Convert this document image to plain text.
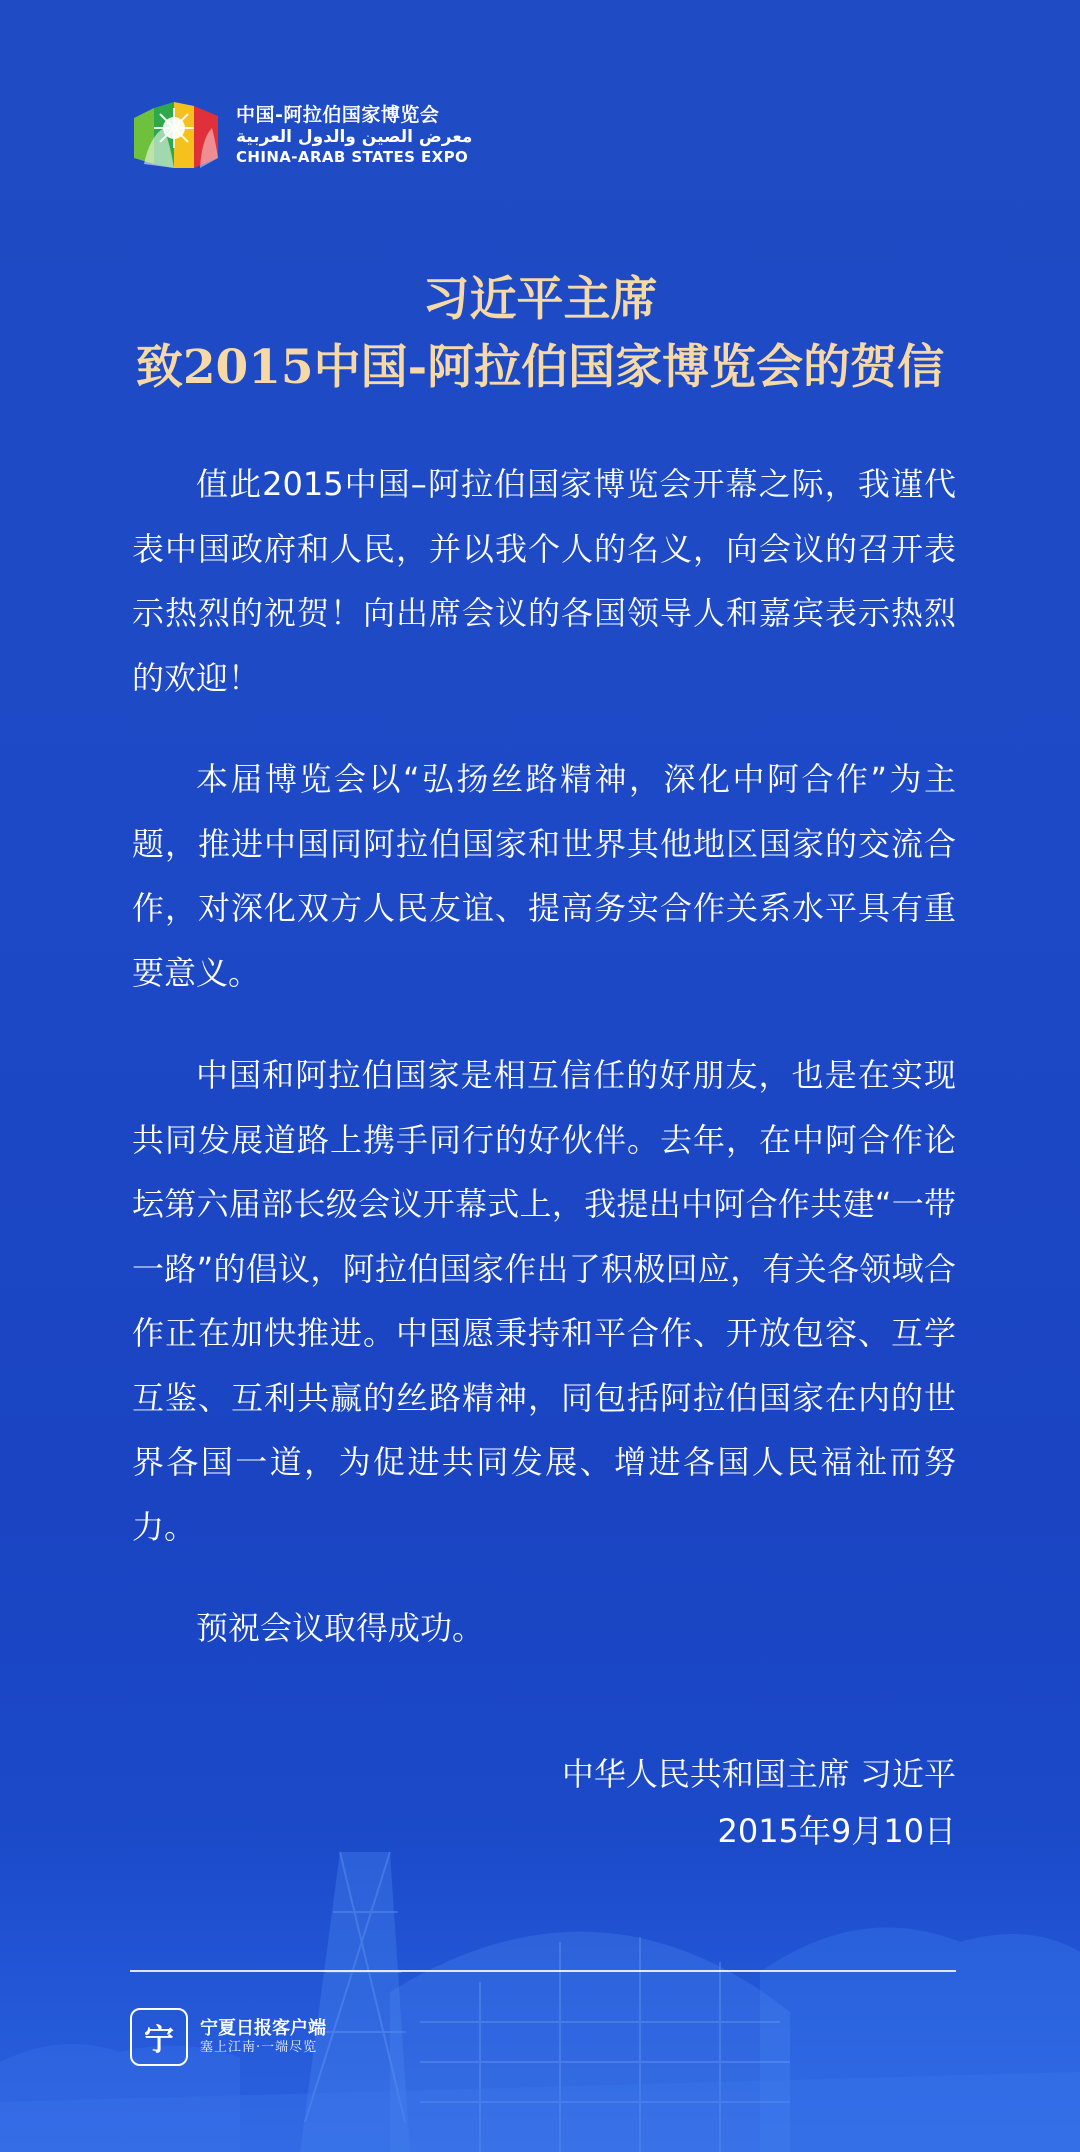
中国-阿拉伯国家博览会
معرض الصين والدول العربية
CHINA-ARAB STATES EXPO
习近平主席
致2015中国-阿拉伯国家博览会的贺信

值此2015中国–阿拉伯国家博览会开幕之际，我谨代表中国政府和人民，并以我个人的名义，向会议的召开表示热烈的祝贺！向出席会议的各国领导人和嘉宾表示热烈的欢迎！

本届博览会以“弘扬丝路精神，深化中阿合作”为主题，推进中国同阿拉伯国家和世界其他地区国家的交流合作，对深化双方人民友谊、提高务实合作关系水平具有重要意义。

中国和阿拉伯国家是相互信任的好朋友，也是在实现共同发展道路上携手同行的好伙伴。去年，在中阿合作论坛第六届部长级会议开幕式上，我提出中阿合作共建“一带一路”的倡议，阿拉伯国家作出了积极回应，有关各领域合作正在加快推进。中国愿秉持和平合作、开放包容、互学互鉴、互利共赢的丝路精神，同包括阿拉伯国家在内的世界各国一道，为促进共同发展、增进各国人民福祉而努力。

预祝会议取得成功。

中华人民共和国主席 习近平
2015年9月10日
宁	宁夏日报客户端
塞上江南·一端尽览
